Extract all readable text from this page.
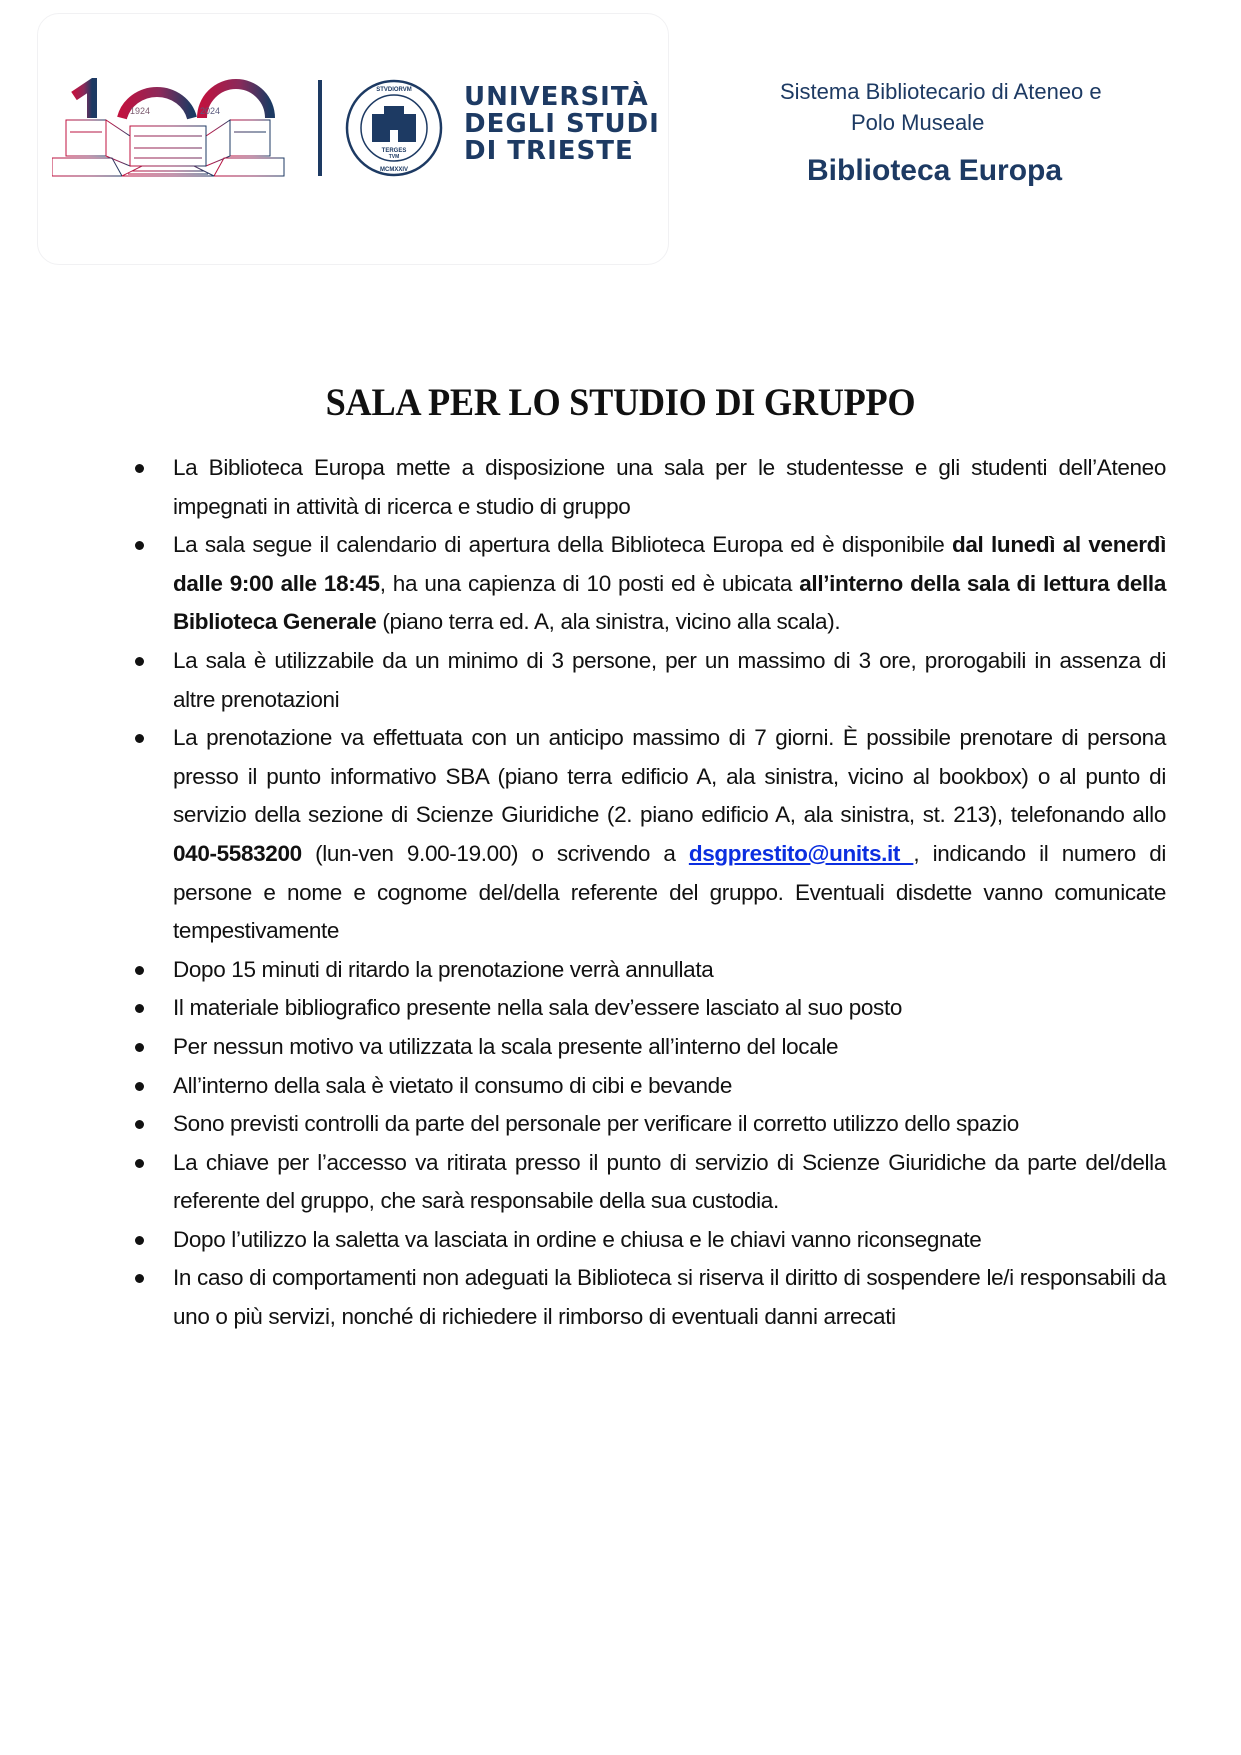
1924	2024
TERGES
TVM
STVDIORVM
MCMXXIV
UNIVERSITÀ
DEGLI STUDI
DI TRIESTE
Sistema Bibliotecario di Ateneo e
Polo Museale
Biblioteca Europa
SALA PER LO STUDIO DI GRUPPO
La Biblioteca Europa mette a disposizione una sala per le studentesse e gli studenti dell’Ateneo impegnati in attività di ricerca e studio di gruppo
La sala segue il calendario di apertura della Biblioteca Europa ed è disponibile dal lunedì al venerdì dalle 9:00 alle 18:45, ha una capienza di 10 posti ed è ubicata all’interno della sala di lettura della Biblioteca Generale (piano terra ed. A, ala sinistra, vicino alla scala).
La sala è utilizzabile da un minimo di 3 persone, per un massimo di 3 ore, prorogabili in assenza di altre prenotazioni
La prenotazione va effettuata con un anticipo massimo di 7 giorni. È possibile prenotare di persona presso il punto informativo SBA (piano terra edificio A, ala sinistra, vicino al bookbox) o al punto di servizio della sezione di Scienze Giuridiche (2. piano edificio A, ala sinistra, st. 213), telefonando allo 040-5583200 (lun-ven 9.00-19.00) o scrivendo a dsgprestito@units.it , indicando il numero di persone e nome e cognome del/della referente del gruppo. Eventuali disdette vanno comunicate tempestivamente
Dopo 15 minuti di ritardo la prenotazione verrà annullata
Il materiale bibliografico presente nella sala dev’essere lasciato al suo posto
Per nessun motivo va utilizzata la scala presente all’interno del locale
All’interno della sala è vietato il consumo di cibi e bevande
Sono previsti controlli da parte del personale per verificare il corretto utilizzo dello spazio
La chiave per l’accesso va ritirata presso il punto di servizio di Scienze Giuridiche da parte del/della referente del gruppo, che sarà responsabile della sua custodia.
Dopo l’utilizzo la saletta va lasciata in ordine e chiusa e le chiavi vanno riconsegnate
In caso di comportamenti non adeguati la Biblioteca si riserva il diritto di sospendere le/i responsabili da uno o più servizi, nonché di richiedere il rimborso di eventuali danni arrecati
